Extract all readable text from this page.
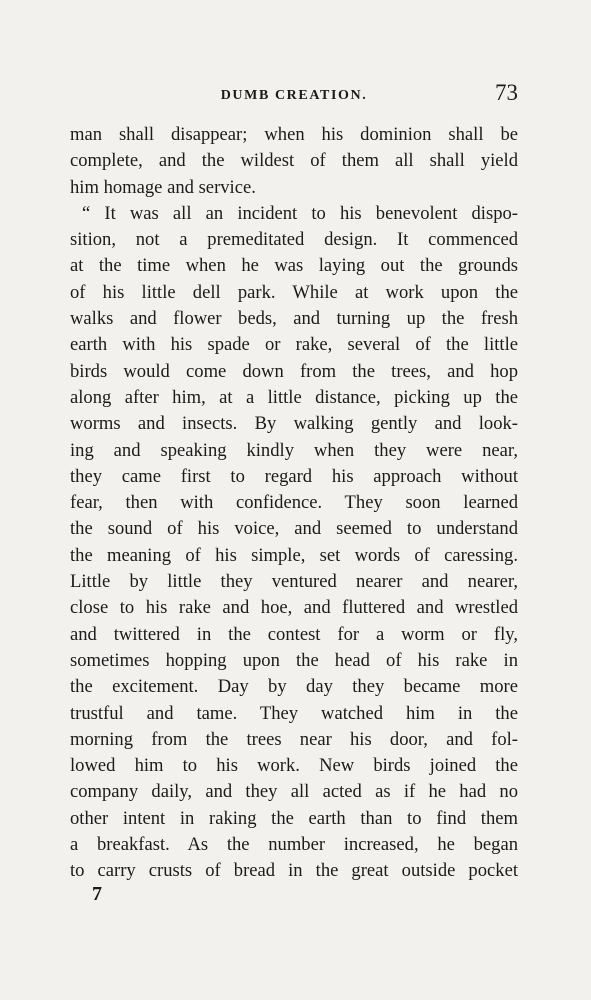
DUMB CREATION.	73
man shall disappear; when his dominion shall be
complete, and the wildest of them all shall yield
him homage and service.
“ It was all an incident to his benevolent dispo-
sition, not a premeditated design. It commenced
at the time when he was laying out the grounds
of his little dell park. While at work upon the
walks and flower beds, and turning up the fresh
earth with his spade or rake, several of the little
birds would come down from the trees, and hop
along after him, at a little distance, picking up the
worms and insects. By walking gently and look-
ing and speaking kindly when they were near,
they came first to regard his approach without
fear, then with confidence. They soon learned
the sound of his voice, and seemed to understand
the meaning of his simple, set words of caressing.
Little by little they ventured nearer and nearer,
close to his rake and hoe, and fluttered and wrestled
and twittered in the contest for a worm or fly,
sometimes hopping upon the head of his rake in
the excitement. Day by day they became more
trustful and tame. They watched him in the
morning from the trees near his door, and fol-
lowed him to his work. New birds joined the
company daily, and they all acted as if he had no
other intent in raking the earth than to find them
a breakfast. As the number increased, he began
to carry crusts of bread in the great outside pocket
7
